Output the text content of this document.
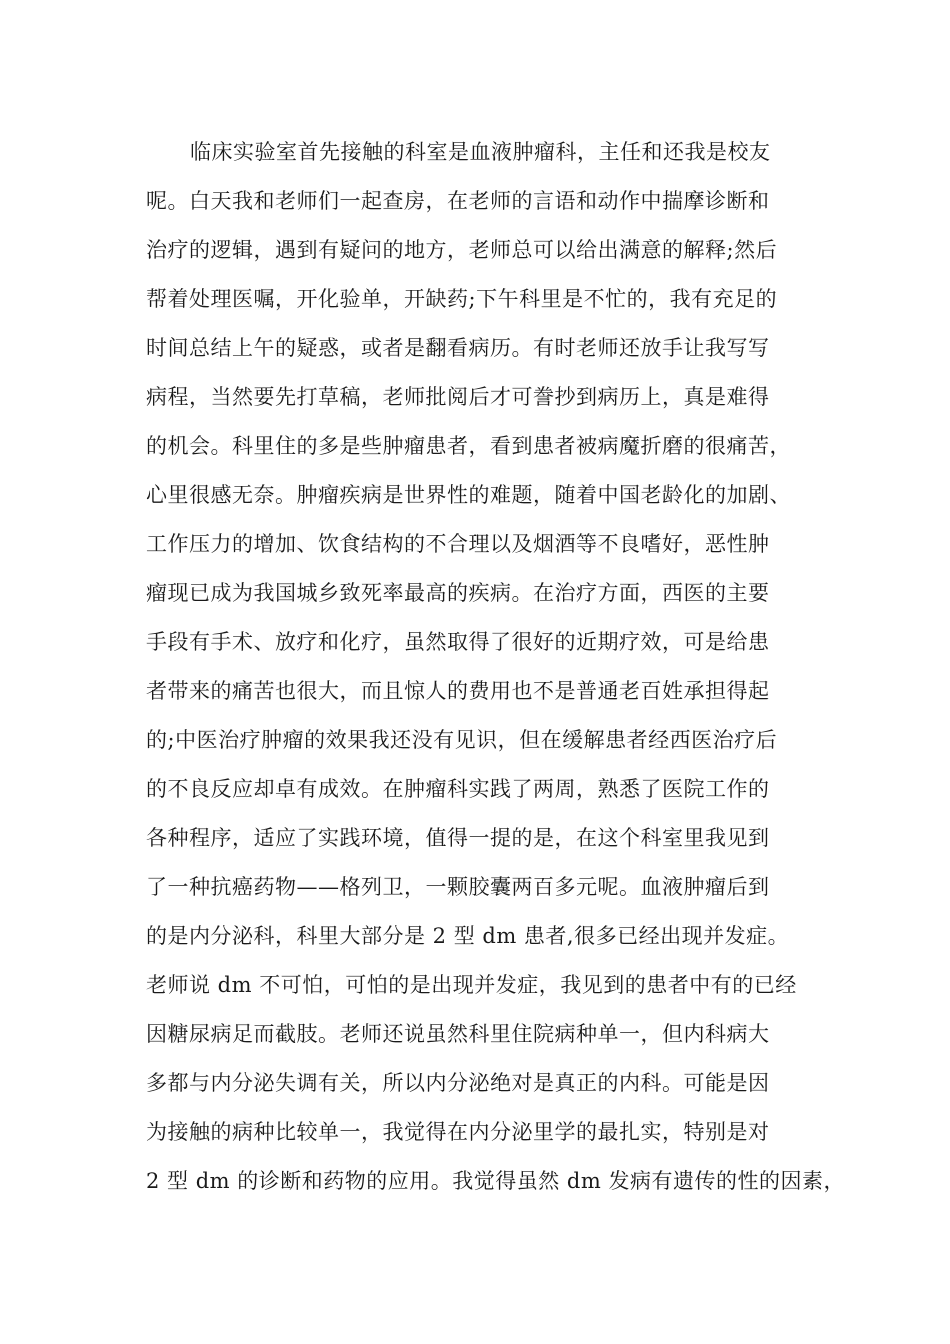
临床实验室首先接触的科室是血液肿瘤科，主任和还我是校友
呢。白天我和老师们一起查房，在老师的言语和动作中揣摩诊断和
治疗的逻辑，遇到有疑问的地方，老师总可以给出满意的解释;然后
帮着处理医嘱，开化验单，开缺药;下午科里是不忙的，我有充足的
时间总结上午的疑惑，或者是翻看病历。有时老师还放手让我写写
病程，当然要先打草稿，老师批阅后才可誊抄到病历上，真是难得
的机会。科里住的多是些肿瘤患者，看到患者被病魔折磨的很痛苦，
心里很感无奈。肿瘤疾病是世界性的难题，随着中国老龄化的加剧、
工作压力的增加、饮食结构的不合理以及烟酒等不良嗜好，恶性肿
瘤现已成为我国城乡致死率最高的疾病。在治疗方面，西医的主要
手段有手术、放疗和化疗，虽然取得了很好的近期疗效，可是给患
者带来的痛苦也很大，而且惊人的费用也不是普通老百姓承担得起
的;中医治疗肿瘤的效果我还没有见识，但在缓解患者经西医治疗后
的不良反应却卓有成效。在肿瘤科实践了两周，熟悉了医院工作的
各种程序，适应了实践环境，值得一提的是，在这个科室里我见到
了一种抗癌药物——格列卫，一颗胶囊两百多元呢。血液肿瘤后到
的是内分泌科，科里大部分是 2 型 dm 患者,很多已经出现并发症。
老师说 dm 不可怕，可怕的是出现并发症，我见到的患者中有的已经
因糖尿病足而截肢。老师还说虽然科里住院病种单一，但内科病大
多都与内分泌失调有关，所以内分泌绝对是真正的内科。可能是因
为接触的病种比较单一，我觉得在内分泌里学的最扎实，特别是对
2 型 dm 的诊断和药物的应用。我觉得虽然 dm 发病有遗传的性的因素，
